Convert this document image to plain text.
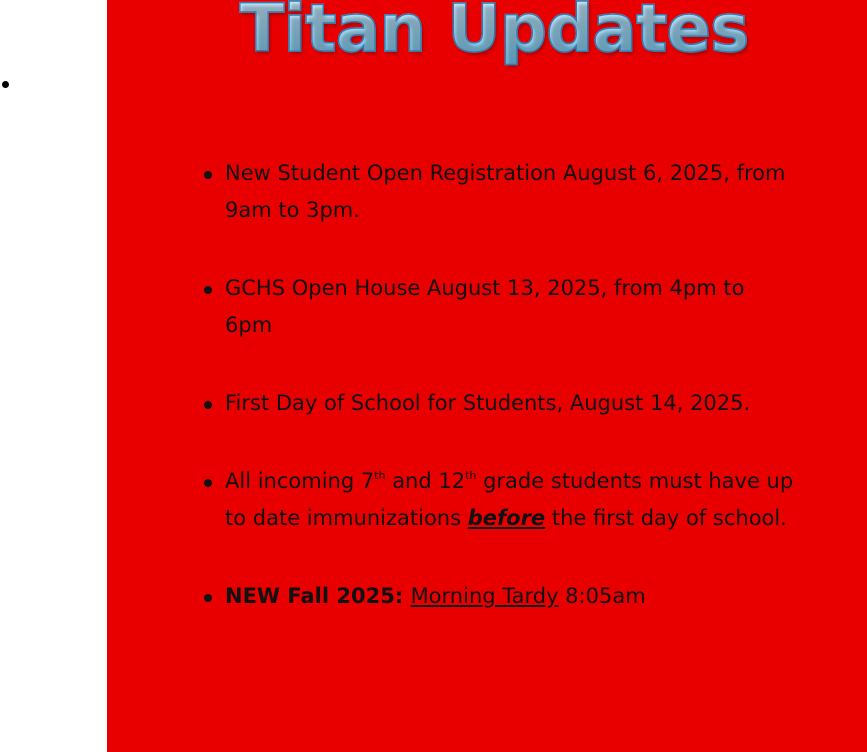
Titan Updates
New Student Open Registration August 6, 2025, from 9am to 3pm.
GCHS Open House August 13, 2025, from 4pm to 6pm
First Day of School for Students, August 14, 2025.
All incoming 7th and 12th grade students must have up to date immunizations before the first day of school.
NEW Fall 2025: Morning Tardy 8:05am
